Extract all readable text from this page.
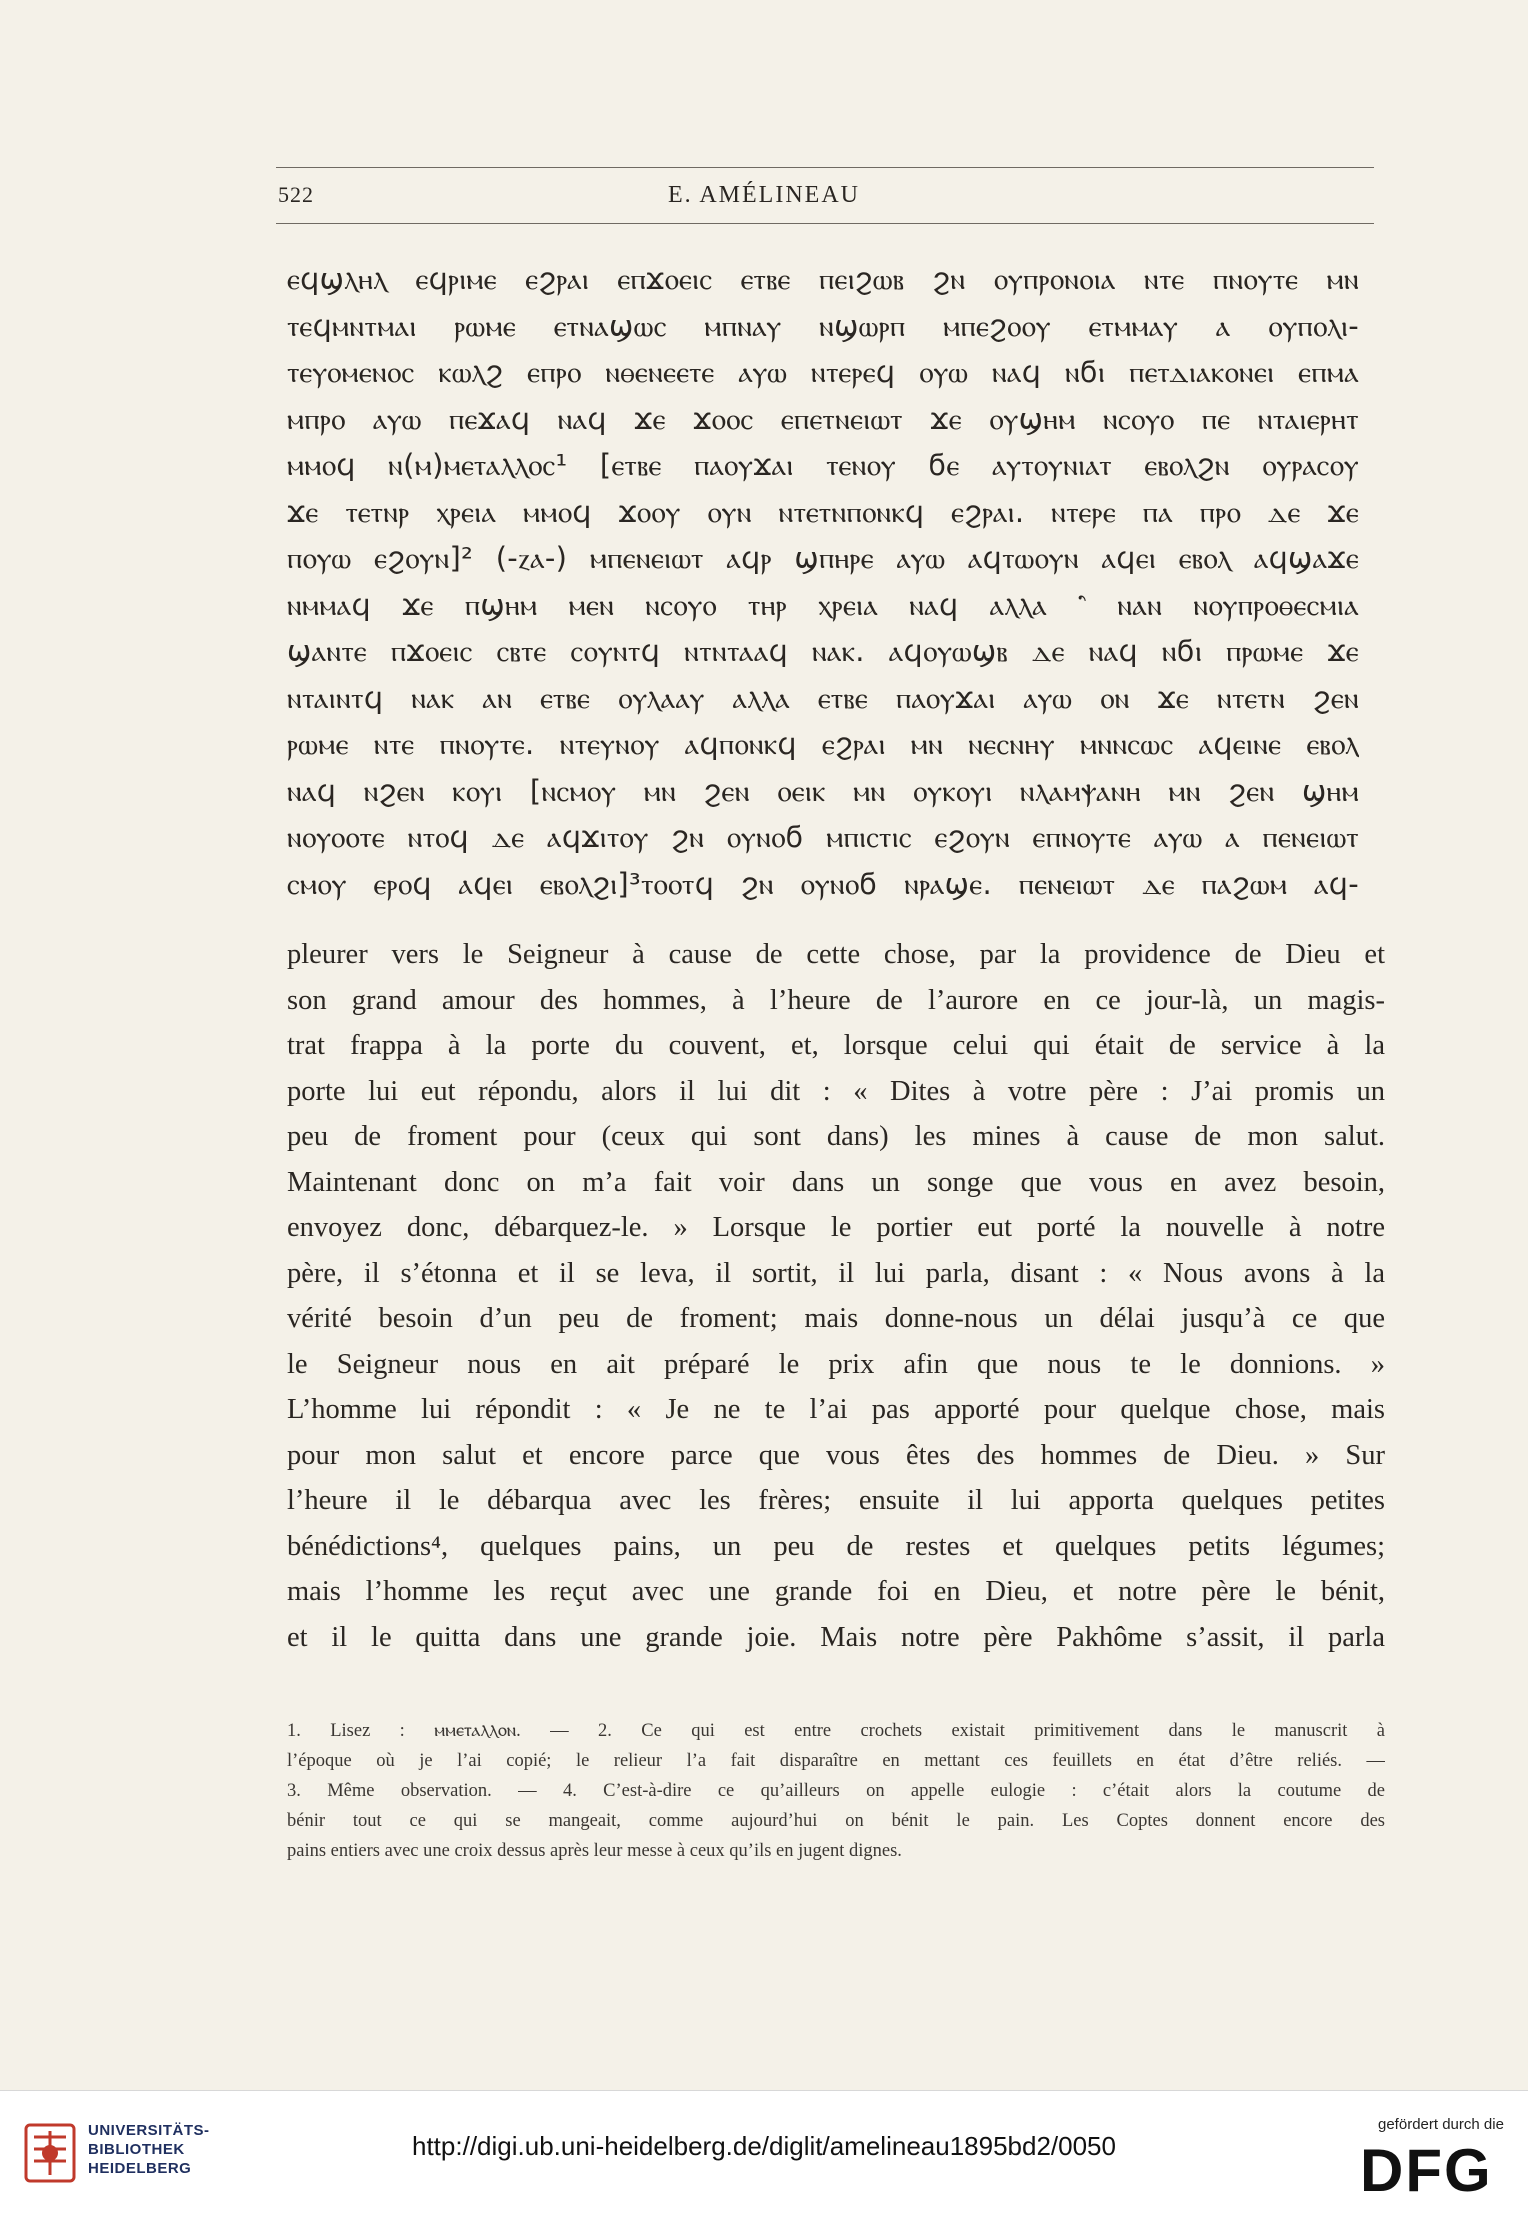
522	E. AMÉLINEAU
ⲉϥϣⲗⲏⲗ ⲉϥⲣⲓⲙⲉ ⲉϩⲣⲁⲓ ⲉⲡϫⲟⲉⲓⲥ ⲉⲧⲃⲉ ⲡⲉⲓϩⲱⲃ ϩⲛ ⲟⲩⲡⲣⲟⲛⲟⲓⲁ ⲛⲧⲉ ⲡⲛⲟⲩⲧⲉ ⲙⲛ
ⲧⲉϥⲙⲛⲧⲙⲁⲓ ⲣⲱⲙⲉ ⲉⲧⲛⲁϣⲱⲥ ⲙⲡⲛⲁⲩ ⲛϣⲱⲣⲡ ⲙⲡⲉϩⲟⲟⲩ ⲉⲧⲙⲙⲁⲩ ⲁ ⲟⲩⲡⲟⲗⲓ-
ⲧⲉⲩⲟⲙⲉⲛⲟⲥ ⲕⲱⲗϩ ⲉⲡⲣⲟ ⲛⲑⲉⲛⲉⲉⲧⲉ ⲁⲩⲱ ⲛⲧⲉⲣⲉϥ ⲟⲩⲱ ⲛⲁϥ ⲛϭⲓ ⲡⲉⲧⲇⲓⲁⲕⲟⲛⲉⲓ ⲉⲡⲙⲁ
ⲙⲡⲣⲟ ⲁⲩⲱ ⲡⲉϫⲁϥ ⲛⲁϥ ϫⲉ ϫⲟⲟⲥ ⲉⲡⲉⲧⲛⲉⲓⲱⲧ ϫⲉ ⲟⲩϣⲏⲙ ⲛⲥⲟⲩⲟ ⲡⲉ ⲛⲧⲁⲓⲉⲣⲏⲧ
ⲙⲙⲟϥ ⲛ(ⲙ)ⲙⲉⲧⲁⲗⲗⲟⲥ¹ [ⲉⲧⲃⲉ ⲡⲁⲟⲩϫⲁⲓ ⲧⲉⲛⲟⲩ ϭⲉ ⲁⲩⲧⲟⲩⲛⲓⲁⲧ ⲉⲃⲟⲗϩⲛ ⲟⲩⲣⲁⲥⲟⲩ
ϫⲉ ⲧⲉⲧⲛⲣ ⲭⲣⲉⲓⲁ ⲙⲙⲟϥ ϫⲟⲟⲩ ⲟⲩⲛ ⲛⲧⲉⲧⲛⲡⲟⲛⲕϥ ⲉϩⲣⲁⲓ. ⲛⲧⲉⲣⲉ ⲡⲁ ⲡⲣⲟ ⲇⲉ ϫⲉ
ⲡⲟⲩⲱ ⲉϩⲟⲩⲛ]² (-ⲍⲁ-) ⲙⲡⲉⲛⲉⲓⲱⲧ ⲁϥⲣ ϣⲡⲏⲣⲉ ⲁⲩⲱ ⲁϥⲧⲱⲟⲩⲛ ⲁϥⲉⲓ ⲉⲃⲟⲗ ⲁϥϣⲁϫⲉ
ⲛⲙⲙⲁϥ ϫⲉ ⲡϣⲏⲙ ⲙⲉⲛ ⲛⲥⲟⲩⲟ ⲧⲏⲣ ⲭⲣⲉⲓⲁ ⲛⲁϥ ⲁⲗⲗⲁ ⳿ ⲛⲁⲛ ⲛⲟⲩⲡⲣⲟⲑⲉⲥⲙⲓⲁ
ϣⲁⲛⲧⲉ ⲡϫⲟⲉⲓⲥ ⲥⲃⲧⲉ ⲥⲟⲩⲛⲧϥ ⲛⲧⲛⲧⲁⲁϥ ⲛⲁⲕ. ⲁϥⲟⲩⲱϣⲃ ⲇⲉ ⲛⲁϥ ⲛϭⲓ ⲡⲣⲱⲙⲉ ϫⲉ
ⲛⲧⲁⲓⲛⲧϥ ⲛⲁⲕ ⲁⲛ ⲉⲧⲃⲉ ⲟⲩⲗⲁⲁⲩ ⲁⲗⲗⲁ ⲉⲧⲃⲉ ⲡⲁⲟⲩϫⲁⲓ ⲁⲩⲱ ⲟⲛ ϫⲉ ⲛⲧⲉⲧⲛ ϩⲉⲛ
ⲣⲱⲙⲉ ⲛⲧⲉ ⲡⲛⲟⲩⲧⲉ. ⲛⲧⲉⲩⲛⲟⲩ ⲁϥⲡⲟⲛⲕϥ ⲉϩⲣⲁⲓ ⲙⲛ ⲛⲉⲥⲛⲏⲩ ⲙⲛⲛⲥⲱⲥ ⲁϥⲉⲓⲛⲉ ⲉⲃⲟⲗ
ⲛⲁϥ ⲛϩⲉⲛ ⲕⲟⲩⲓ [ⲛⲥⲙⲟⲩ ⲙⲛ ϩⲉⲛ ⲟⲉⲓⲕ ⲙⲛ ⲟⲩⲕⲟⲩⲓ ⲛⲗⲁⲙⲯⲁⲛⲏ ⲙⲛ ϩⲉⲛ ϣⲏⲙ
ⲛⲟⲩⲟⲟⲧⲉ ⲛⲧⲟϥ ⲇⲉ ⲁϥϫⲓⲧⲟⲩ ϩⲛ ⲟⲩⲛⲟϭ ⲙⲡⲓⲥⲧⲓⲥ ⲉϩⲟⲩⲛ ⲉⲡⲛⲟⲩⲧⲉ ⲁⲩⲱ ⲁ ⲡⲉⲛⲉⲓⲱⲧ
ⲥⲙⲟⲩ ⲉⲣⲟϥ ⲁϥⲉⲓ ⲉⲃⲟⲗϩⲓ]³ⲧⲟⲟⲧϥ ϩⲛ ⲟⲩⲛⲟϭ ⲛⲣⲁϣⲉ. ⲡⲉⲛⲉⲓⲱⲧ ⲇⲉ ⲡⲁϩⲱⲙ ⲁϥ-
pleurer vers le Seigneur à cause de cette chose, par la providence de Dieu et
son grand amour des hommes, à l’heure de l’aurore en ce jour-là, un magis-
trat frappa à la porte du couvent, et, lorsque celui qui était de service à la
porte lui eut répondu, alors il lui dit : « Dites à votre père : J’ai promis un
peu de froment pour (ceux qui sont dans) les mines à cause de mon salut.
Maintenant donc on m’a fait voir dans un songe que vous en avez besoin,
envoyez donc, débarquez-le. » Lorsque le portier eut porté la nouvelle à notre
père, il s’étonna et il se leva, il sortit, il lui parla, disant : « Nous avons à la
vérité besoin d’un peu de froment; mais donne-nous un délai jusqu’à ce que
le Seigneur nous en ait préparé le prix afin que nous te le donnions. »
L’homme lui répondit : « Je ne te l’ai pas apporté pour quelque chose, mais
pour mon salut et encore parce que vous êtes des hommes de Dieu. » Sur
l’heure il le débarqua avec les frères; ensuite il lui apporta quelques petites
bénédictions⁴, quelques pains, un peu de restes et quelques petits légumes;
mais l’homme les reçut avec une grande foi en Dieu, et notre père le bénit,
et il le quitta dans une grande joie. Mais notre père Pakhôme s’assit, il parla
1. Lisez : ⲙⲙⲉⲧⲁⲗⲗⲟⲛ. — 2. Ce qui est entre crochets existait primitivement dans le manuscrit à
l’époque où je l’ai copié; le relieur l’a fait disparaître en mettant ces feuillets en état d’être reliés. —
3. Même observation. — 4. C’est-à-dire ce qu’ailleurs on appelle eulogie : c’était alors la coutume de
bénir tout ce qui se mangeait, comme aujourd’hui on bénit le pain. Les Coptes donnent encore des
pains entiers avec une croix dessus après leur messe à ceux qu’ils en jugent dignes.
UNIVERSITÄTS-
BIBLIOTHEK
HEIDELBERG
http://digi.ub.uni-heidelberg.de/diglit/amelineau1895bd2/0050
gefördert durch die
DFG
